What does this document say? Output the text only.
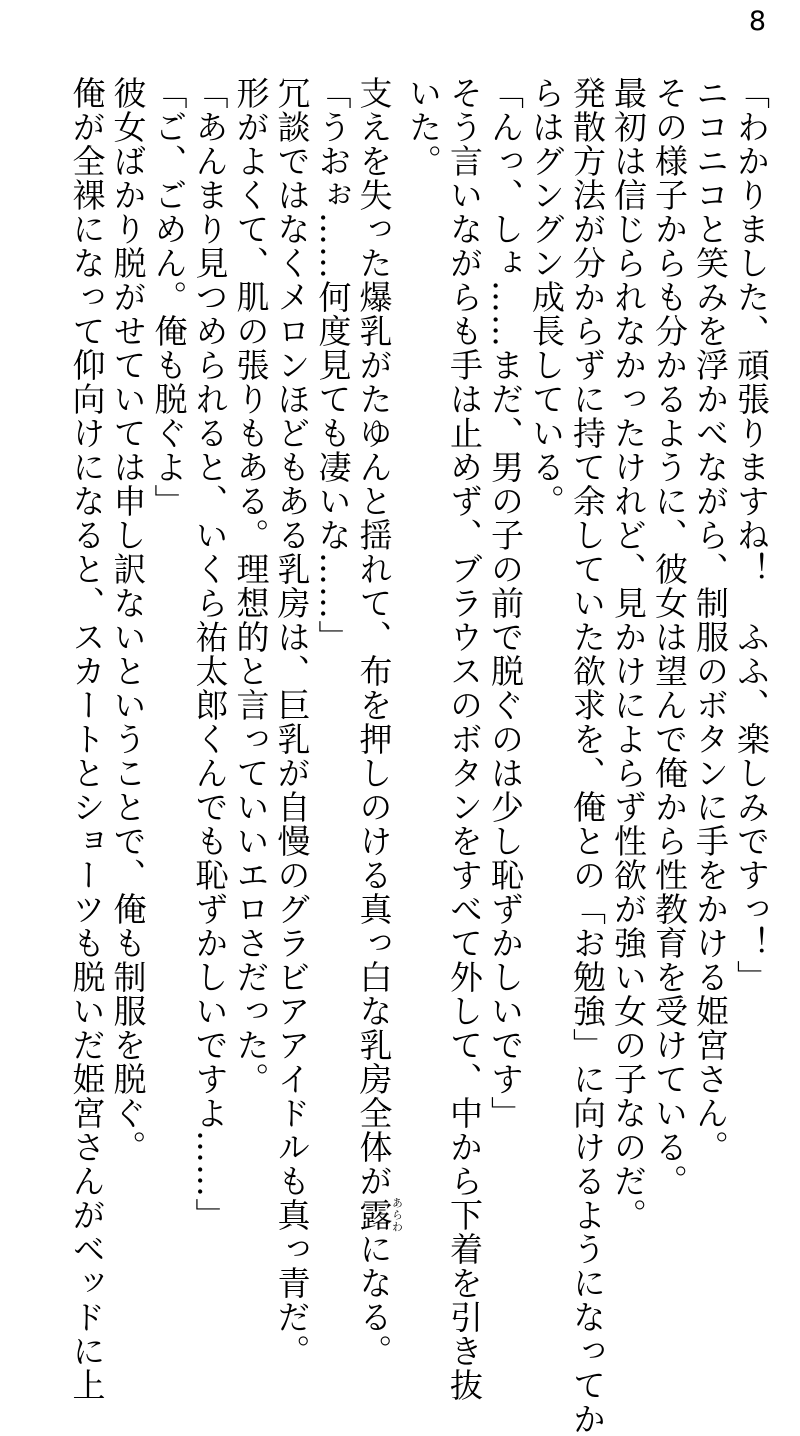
8

「わかりました、頑張りますね！　ふふ、楽しみですっ！」

ニコニコと笑みを浮かべながら、制服のボタンに手をかける姫宮さん。

その様子からも分かるように、彼女は望んで俺から性教育を受けている。

最初は信じられなかったけれど、見かけによらず性欲が強い女の子なのだ。

発散方法が分からずに持て余していた欲求を、俺との「お勉強」に向けるようになってか

らはグングン成長している。

「んっ、しょ……まだ、男の子の前で脱ぐのは少し恥ずかしいです」

そう言いながらも手は止めず、ブラウスのボタンをすべて外して、中から下着を引き抜

いた。

支えを失った爆乳がたゆんと揺れて、布を押しのける真っ白な乳房全体が露あらわになる。

「うおぉ……何度見ても凄いな……」

冗談ではなくメロンほどもある乳房は、巨乳が自慢のグラビアアイドルも真っ青だ。

形がよくて、肌の張りもある。理想的と言っていいエロさだった。

「あんまり見つめられると、いくら祐太郎くんでも恥ずかしいですよ……」

「ご、ごめん。俺も脱ぐよ」

彼女ばかり脱がせていては申し訳ないということで、俺も制服を脱ぐ。

俺が全裸になって仰向けになると、スカートとショーツも脱いだ姫宮さんがベッドに上
